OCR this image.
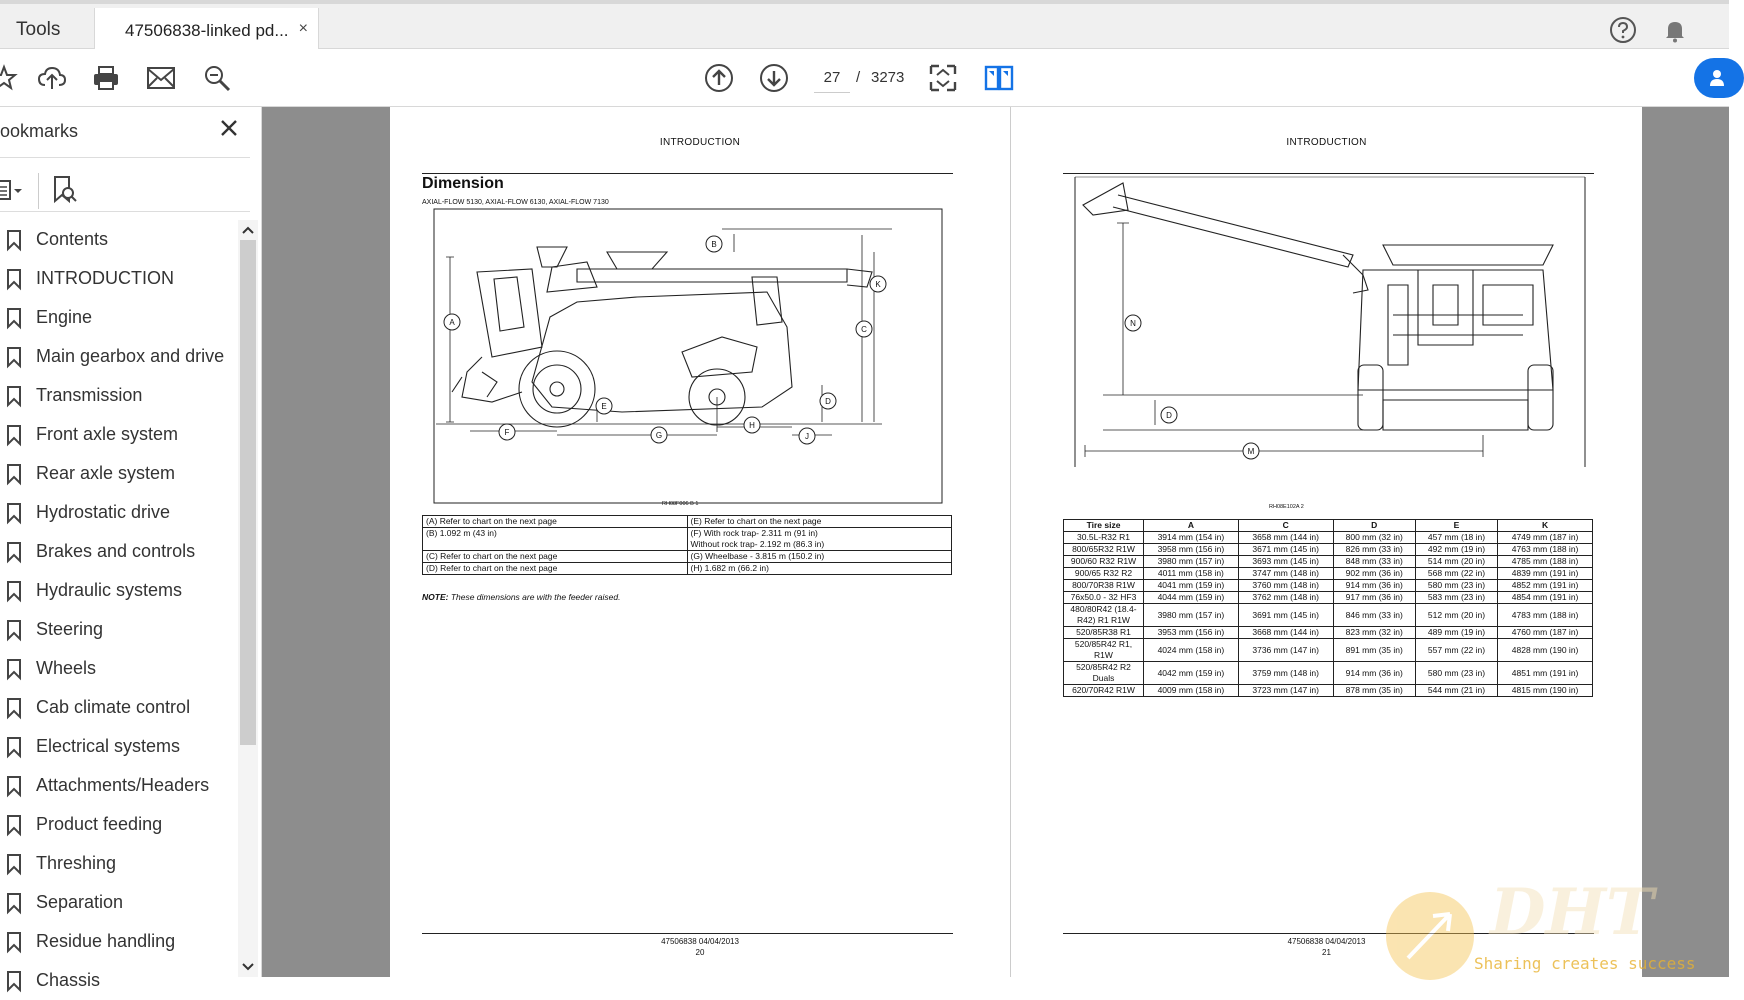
Tools	47506838-linked pd... ×
27	/ 3273
ookmarks
Contents
INTRODUCTION
Engine
Main gearbox and drive
Transmission
Front axle system
Rear axle system
Hydrostatic drive
Brakes and controls
Hydraulic systems
Steering
Wheels
Cab climate control
Electrical systems
Attachments/Headers
Product feeding
Threshing
Separation
Residue handling
Chassis
INTRODUCTION
Dimension
AXIAL-FLOW 5130, AXIAL-FLOW 6130, AXIAL-FLOW 7130
A
B
C
D
E
F	G
H
J
K
RH08F006 B 1
(A) Refer to chart on the next page	(E) Refer to chart on the next page
(B) 1.092 m (43 in)	(F) With rock trap- 2.311 m (91 in)
Without rock trap- 2.192 m (86.3 in)
(C) Refer to chart on the next page	(G) Wheelbase - 3.815 m (150.2 in)
(D) Refer to chart on the next page	(H) 1.682 m (66.2 in)
NOTE: These dimensions are with the feeder raised.
47506838 04/04/2013
20
INTRODUCTION
N
D
M
RH08E102A 2
Tire size	A	C	D	E	K
30.5L-R32 R1	3914 mm (154 in)	3658 mm (144 in)	800 mm (32 in)	457 mm (18 in)	4749 mm (187 in)
800/65R32 R1W	3958 mm (156 in)	3671 mm (145 in)	826 mm (33 in)	492 mm (19 in)	4763 mm (188 in)
900/60 R32 R1W	3980 mm (157 in)	3693 mm (145 in)	848 mm (33 in)	514 mm (20 in)	4785 mm (188 in)
900/65 R32 R2	4011 mm (158 in)	3747 mm (148 in)	902 mm (36 in)	568 mm (22 in)	4839 mm (191 in)
800/70R38 R1W	4041 mm (159 in)	3760 mm (148 in)	914 mm (36 in)	580 mm (23 in)	4852 mm (191 in)
76x50.0 - 32 HF3	4044 mm (159 in)	3762 mm (148 in)	917 mm (36 in)	583 mm (23 in)	4854 mm (191 in)
480/80R42 (18.4-R42) R1 R1W	3980 mm (157 in)	3691 mm (145 in)	846 mm (33 in)	512 mm (20 in)	4783 mm (188 in)
520/85R38 R1	3953 mm (156 in)	3668 mm (144 in)	823 mm (32 in)	489 mm (19 in)	4760 mm (187 in)
520/85R42 R1, R1W	4024 mm (158 in)	3736 mm (147 in)	891 mm (35 in)	557 mm (22 in)	4828 mm (190 in)
520/85R42 R2 Duals	4042 mm (159 in)	3759 mm (148 in)	914 mm (36 in)	580 mm (23 in)	4851 mm (191 in)
620/70R42 R1W	4009 mm (158 in)	3723 mm (147 in)	878 mm (35 in)	544 mm (21 in)	4815 mm (190 in)
47506838 04/04/2013
21
DHT
Sharing creates success
